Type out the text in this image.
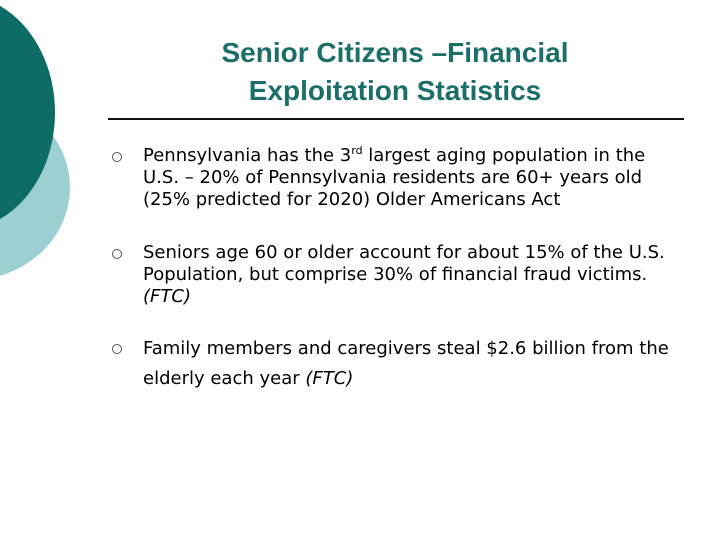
Senior Citizens –Financial
Exploitation Statistics
Pennsylvania has the 3rd largest aging population in the U.S. – 20% of Pennsylvania residents are 60+ years old (25% predicted for 2020) Older Americans Act
Seniors age 60 or older account for about 15% of the U.S. Population, but comprise 30% of financial fraud victims. (FTC)
Family members and caregivers steal $2.6 billion from the elderly each year (FTC)
